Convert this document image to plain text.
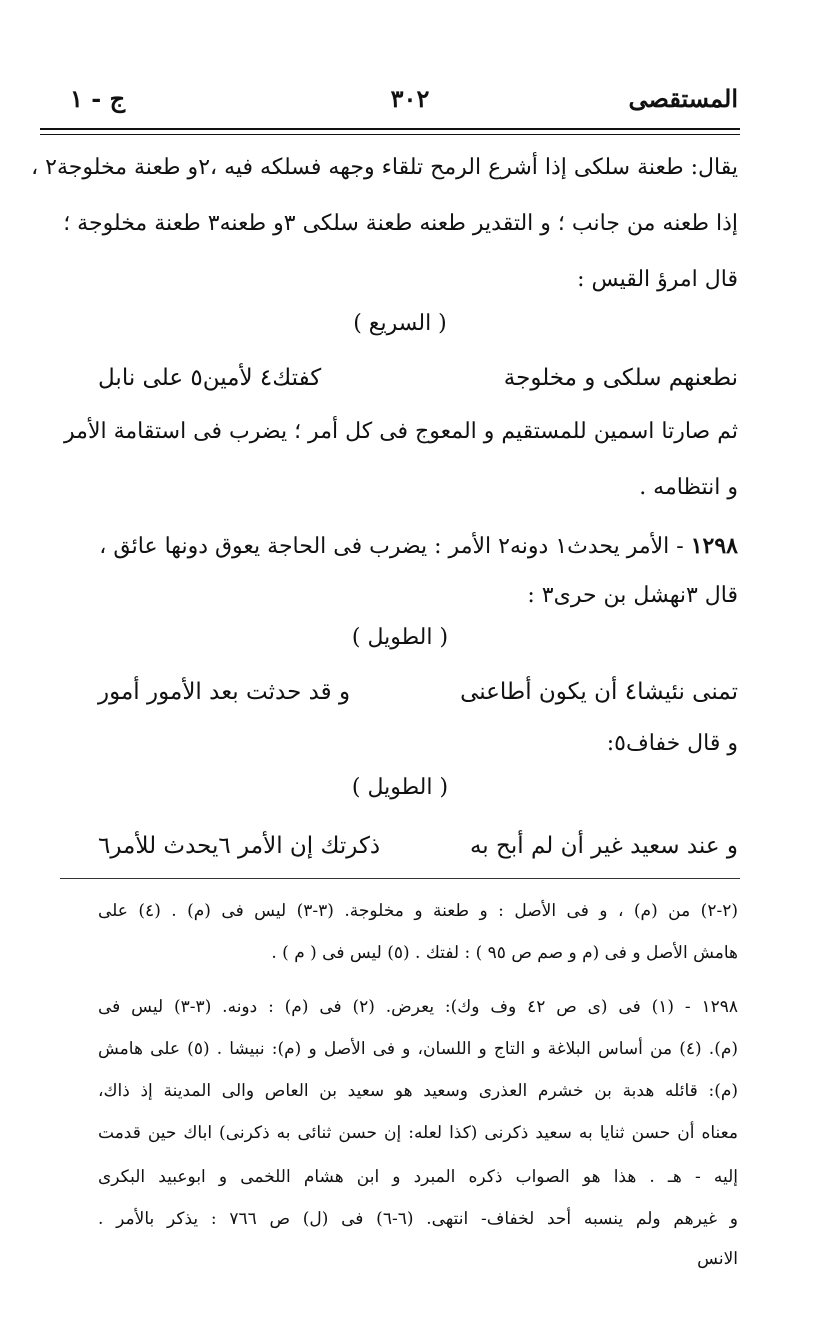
المستقصى
٣٠٢
ج - ١
يقال: طعنة سلكى إذا أشرع الرمح تلقاء وجهه فسلكه فيه ،٢و طعنة مخلوجة٢ ،
إذا طعنه من جانب ؛ و التقدير طعنه طعنة سلكى ٣و طعنه٣ طعنة مخلوجة ؛
قال امرؤ القيس :
( السريع )
نطعنهم سلكى و مخلوجة
كفتك٤ لأمين٥ على نابل
ثم صارتا اسمين للمستقيم و المعوج فى كل أمر ؛ يضرب فى استقامة الأمر
و انتظامه .
١٢٩٨ - الأمر يحدث١ دونه٢ الأمر : يضرب فى الحاجة يعوق دونها عائق ،
قال ٣نهشل بن حرى٣ :
( الطويل )
تمنى نئيشا٤ أن يكون أطاعنى
و قد حدثت بعد الأمور أمور
و قال خفاف٥:
( الطويل )
و عند سعيد غير أن لم أبح به
ذكرتك إن الأمر ٦يحدث للأمر٦
(٢-٢) من (م) ، و فى الأصل : و طعنة و مخلوجة. (٣-٣) ليس فى (م) . (٤) على
هامش الأصل و فى (م و صم ص ٩٥ ) : لفتك . (٥) ليس فى ( م ) .
١٢٩٨ - (١) فى (ى ص ٤٢ وف وك): يعرض. (٢) فى (م) : دونه. (٣-٣) ليس فى
(م). (٤) من أساس البلاغة و التاج و اللسان، و فى الأصل و (م): نبيشا . (٥) على هامش
(م): قائله هدبة بن خشرم العذرى وسعيد هو سعيد بن العاص والى المدينة إذ ذاك،
معناه أن حسن ثنايا به سعيد ذكرنى (كذا لعله: إن حسن ثنائى به ذكرنى) اباك حين قدمت
إليه - هـ . هذا هو الصواب ذكره المبرد و ابن هشام اللخمى و ابوعبيد البكرى
و غيرهم ولم ينسبه أحد لخفاف- انتهى. (٦-٦) فى (ل) ص ٧٦٦ : يذكر بالأمر .
الانس
